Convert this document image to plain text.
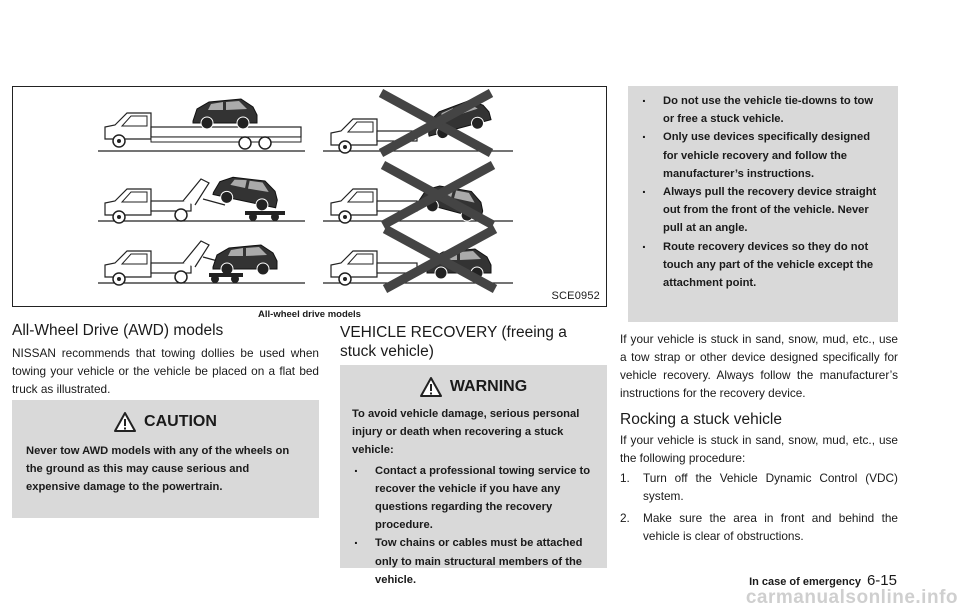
SCE0952
All-wheel drive models
All-Wheel Drive (AWD) models

NISSAN recommends that towing dollies be used when towing your vehicle or the vehicle be placed on a flat bed truck as illustrated.

CAUTION

Never tow AWD models with any of the wheels on the ground as this may cause serious and expensive damage to the powertrain.

VEHICLE RECOVERY (freeing a stuck vehicle)
WARNING

To avoid vehicle damage, serious personal injury or death when recovering a stuck vehicle:

. Contact a professional towing service to recover the vehicle if you have any questions regarding the recovery procedure.
. Tow chains or cables must be attached only to main structural members of the vehicle.
. Do not use the vehicle tie-downs to tow or free a stuck vehicle.
. Only use devices specifically designed for vehicle recovery and follow the manufacturer’s instructions.
. Always pull the recovery device straight out from the front of the vehicle. Never pull at an angle.
. Route recovery devices so they do not touch any part of the vehicle except the attachment point.

If your vehicle is stuck in sand, snow, mud, etc., use a tow strap or other device designed specifically for vehicle recovery. Always follow the manufacturer’s instructions for the recovery device.

Rocking a stuck vehicle

If your vehicle is stuck in sand, snow, mud, etc., use the following procedure:

1. Turn off the Vehicle Dynamic Control (VDC) system.
2. Make sure the area in front and behind the vehicle is clear of obstructions.
In case of emergency 6-15
carmanualsonline.info
